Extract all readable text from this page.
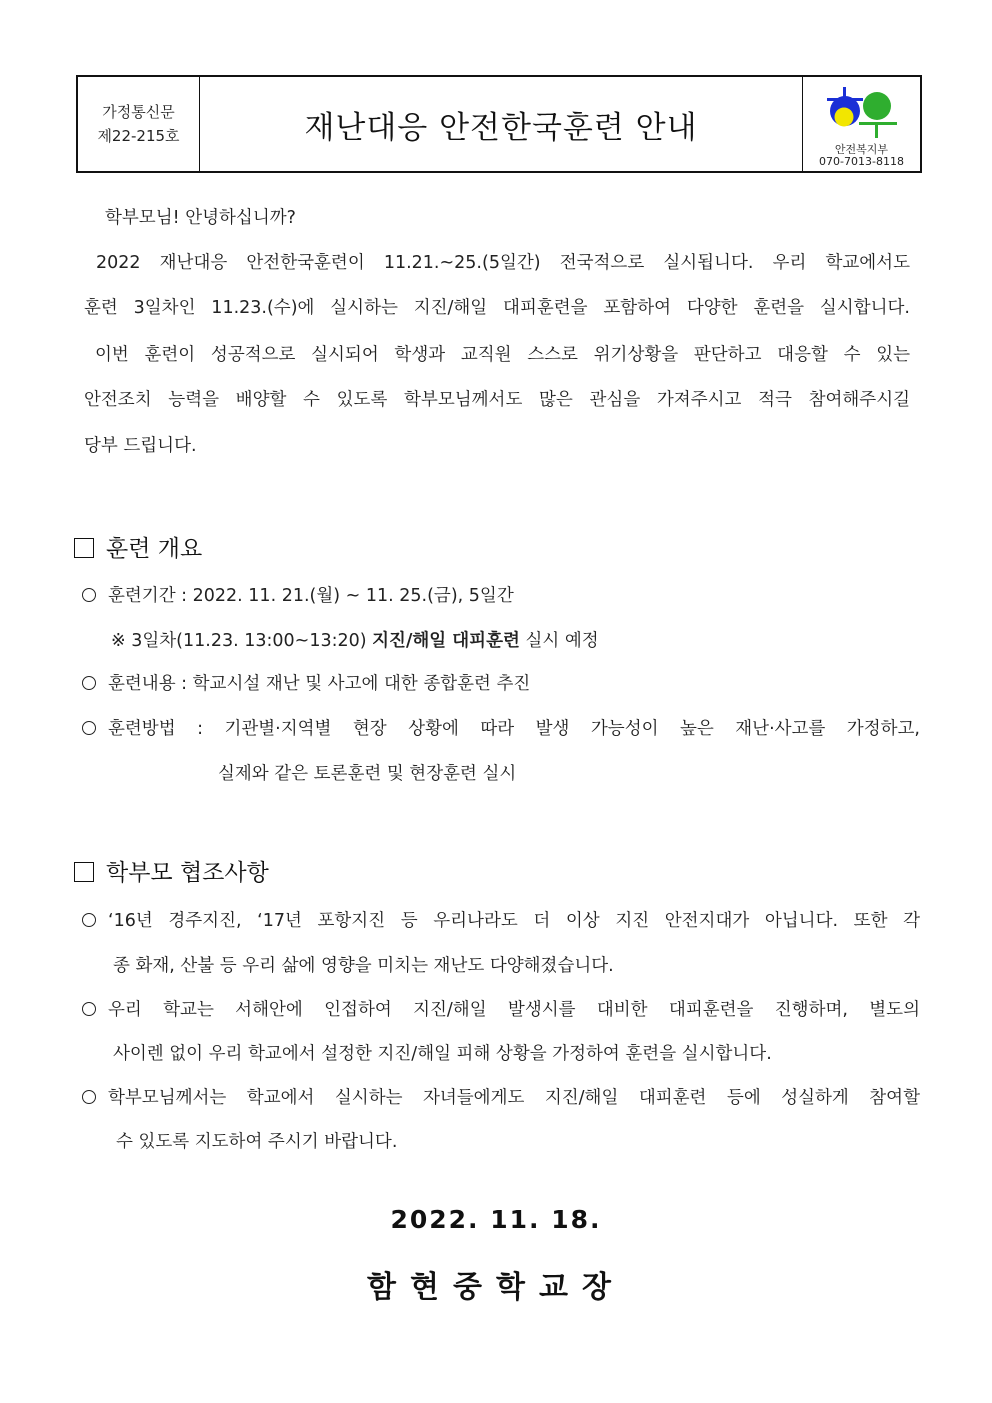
가정통신문
제22-215호	재난대응 안전한국훈련 안내
안전복지부
070-7013-8118
학부모님! 안녕하십니까?
2022 재난대응 안전한국훈련이 11.21.~25.(5일간) 전국적으로 실시됩니다. 우리 학교에서도
훈련 3일차인 11.23.(수)에 실시하는 지진/해일 대피훈련을 포함하여 다양한 훈련을 실시합니다.
이번 훈련이 성공적으로 실시되어 학생과 교직원 스스로 위기상황을 판단하고 대응할 수 있는
안전조치 능력을 배양할 수 있도록 학부모님께서도 많은 관심을 가져주시고 적극 참여해주시길
당부 드립니다.
훈련 개요
훈련기간 : 2022. 11. 21.(월) ~ 11. 25.(금), 5일간
※ 3일차(11.23. 13:00~13:20) 지진/해일 대피훈련 실시 예정
훈련내용 : 학교시설 재난 및 사고에 대한 종합훈련 추진
훈련방법 : 기관별·지역별 현장 상황에 따라 발생 가능성이 높은 재난·사고를 가정하고,
실제와 같은 토론훈련 및 현장훈련 실시
학부모 협조사항
‘16년 경주지진, ‘17년 포항지진 등 우리나라도 더 이상 지진 안전지대가 아닙니다. 또한 각
종 화재, 산불 등 우리 삶에 영향을 미치는 재난도 다양해졌습니다.
우리 학교는 서해안에 인접하여 지진/해일 발생시를 대비한 대피훈련을 진행하며, 별도의
사이렌 없이 우리 학교에서 설정한 지진/해일 피해 상황을 가정하여 훈련을 실시합니다.
학부모님께서는 학교에서 실시하는 자녀들에게도 지진/해일 대피훈련 등에 성실하게 참여할
수 있도록 지도하여 주시기 바랍니다.
2022. 11. 18.
함현중학교장
